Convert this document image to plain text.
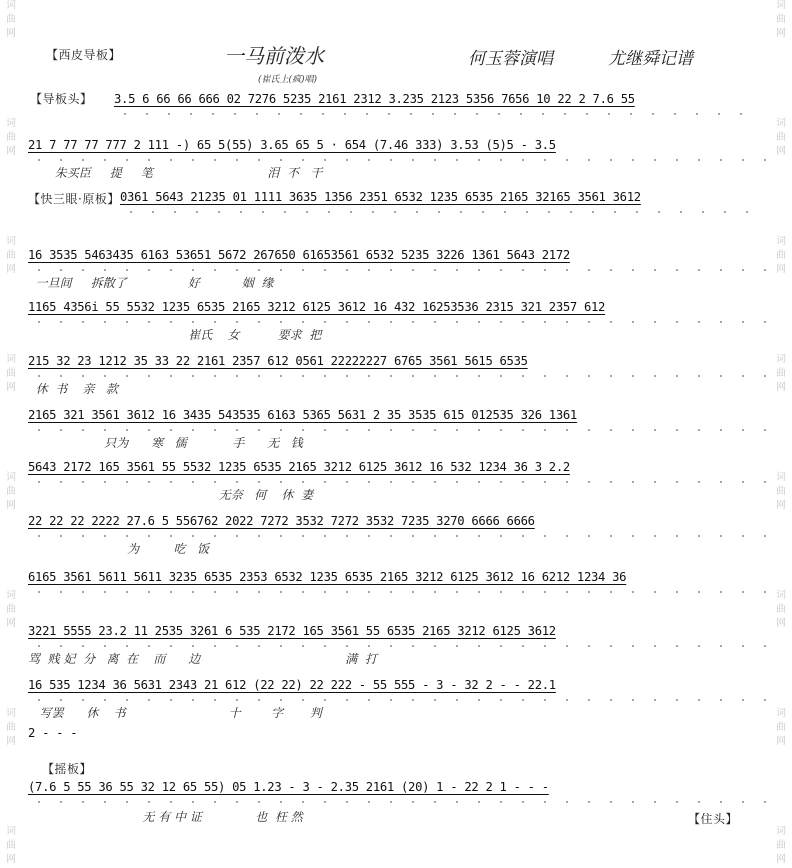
词
曲
网
词
曲
网
词
曲
网
词
曲
网
词
曲
网
词
曲
网
词
曲
网
词
曲
网
词
曲
网
词
曲
网
词
曲
网
词
曲
网
词
曲
网
词
曲
网
词
曲
网
词
曲
网
【西皮导板】	一马前泼水
(崔氏上(疯)唱)
何玉蓉演唱	尤继舜记谱
【导板头】 3.5 6 66 66 666 02 7276 5235 2161 2312 3.235 2123 5356 7656 10 22 2 7.6 55
21 7 77 77 777 2 111 -) 65 5(55) 3.65 65 5 · 654 (7.46 333) 3.53 (5)5 - 3.5
朱买臣     提     笔                              泪  不   干
【快三眼·原板】 0361 5643 21235 01 1111 3635 1356 2351 6532 1235 6535 2165 32165 3561 3612
16 3535 5463435 6163 53651 5672 267650 61653561 6532 5235 3226 1361 5643 2172
一旦间     拆散了                好           姻  缘
1165 4356i 55 5532 1235 6535 2165 3212 6125 3612 16 432 16253536 2315 321 2357 612
崔氏    女          要求  把
215 32 23 1212 35 33 22 2161 2357 612 0561 22222227 6765 3561 5615 6535
休  书    亲   款
2165 321 3561 3612 16 3435 543535 6163 5365 5631 2 35 3535 615 012535 326 1361
只为      寒   儒            手      无   钱
5643 2172 165 3561 55 5532 1235 6535 2165 3212 6125 3612 16 532 1234 36 3 2.2
无奈   何    休  妻
22 22 22 2222 27.6 5 556762 2022 7272 3532 7272 3532 7235 3270 6666 6666
为         吃   饭
6165 3561 5611 5611 3235 6535 2353 6532 1235 6535 2165 3212 6125 3612 16 6212 1234 36
3221 5555 23.2 11 2535 3261 6 535 2172 165 3561 55 6535 2165 3212 6125 3612
骂  贱 妃  分   离  在    而      边                                      满  打
16 535 1234 36 5631 2343 21 612 (22 22) 22 222 - 55 555 - 3 - 32 2 - - 22.1
写罢      休    书                           十        字       判
2 - - -
【摇板】
(7.6 5 55 36 55 32 12 65 55) 05 1.23 - 3 - 2.35 2161 (20) 1 - 22 2 1 - - -
无 有 中 证              也  枉 然	【住头】
